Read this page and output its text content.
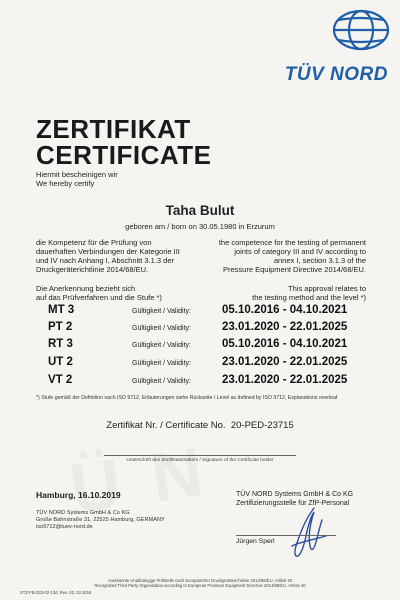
TÜV NORD
ZERTIFIKAT
CERTIFICATE
Hiermit bescheinigen wir
We hereby certify
Taha Bulut
geboren am / born on 30.05.1980 in Erzurum
die Kompetenz für die Prüfung von
dauerhaften Verbindungen der Kategorie III
und IV nach Anhang I, Abschnitt 3.1.3 der
Druckgeräterichtlinie 2014/68/EU.
the competence for the testing of permanent
joints of category III and IV according to
annex I, section 3.1.3 of the
Pressure Equipment Directive 2014/68/EU.
Die Anerkennung bezieht sich
auf das Prüfverfahren und die Stufe *)
This approval relates to
the testing method and the level *)
MT 3	Gültigkeit / Validity:	05.10.2016 - 04.10.2021
PT 2	Gültigkeit / Validity:	23.01.2020 - 22.01.2025
RT 3	Gültigkeit / Validity:	05.10.2016 - 04.10.2021
UT 2	Gültigkeit / Validity:	23.01.2020 - 22.01.2025
VT 2	Gültigkeit / Validity:	23.01.2020 - 22.01.2025
*) Stufe gemäß der Definition nach ISO 9712, Erläuterungen siehe Rückseite / Level as defined by ISO 9712, Explanations overleaf
Zertifikat Nr. / Certificate No. 20-PED-23715
Unterschrift des Zertifikatinhabers / Signature of the Certificate holder
Hamburg, 16.10.2019
TÜV NORD Systems GmbH & Co KG
Große Bahnstraße 31, 22525 Hamburg, GERMANY
iso9712@tuev-nord.de
TÜV NORD Systems GmbH & Co KG
Zertifizierungsstelle für ZfP-Personal
Jürgen Sperl
Anerkannte Unabhängige Prüfstelle nach Europäischer Druckgeräterichtlinie 2014/68/EU, Artikel 20
Recognized Third Party Organisation according to European Pressure Equipment Directive 2014/68/EU, Article 20
STZ-FB-322-02-13d, Rev. 02, 02.2016
